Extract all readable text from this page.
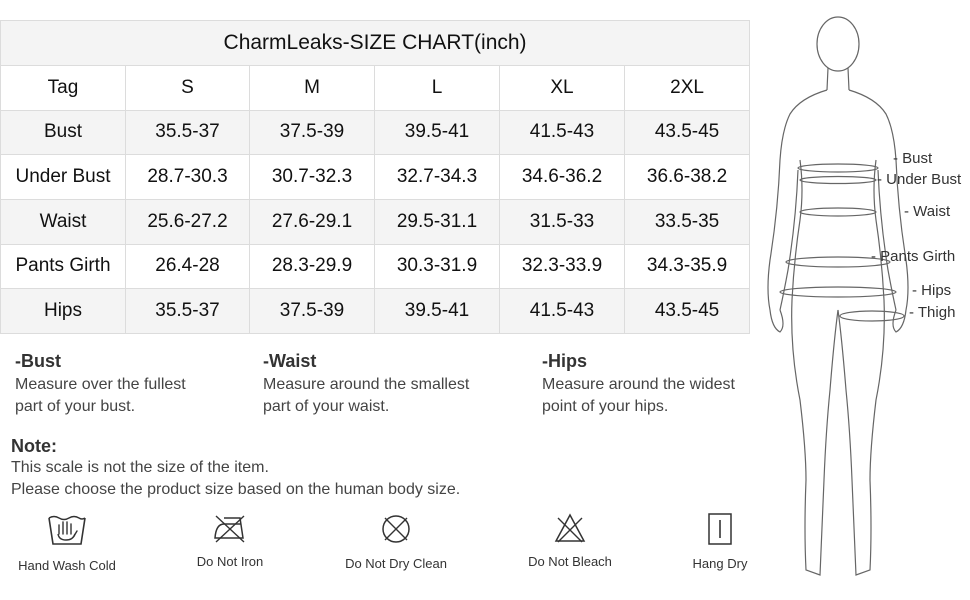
CharmLeaks-SIZE CHART(inch)					
Tag	S	M	L	XL	2XL
Bust	35.5-37	37.5-39	39.5-41	41.5-43	43.5-45
Under Bust	28.7-30.3	30.7-32.3	32.7-34.3	34.6-36.2	36.6-38.2
Waist	25.6-27.2	27.6-29.1	29.5-31.1	31.5-33	33.5-35
Pants Girth	26.4-28	28.3-29.9	30.3-31.9	32.3-33.9	34.3-35.9
Hips	35.5-37	37.5-39	39.5-41	41.5-43	43.5-45
-Bust

Measure over the fullest
part of your bust.

-Waist

Measure around the smallest
part of your waist.

-Hips

Measure around the widest
point of your hips.

Note:

This scale is not the size of the item.

Please choose the product size based on the human body size.

Hand Wash Cold	Do Not Iron	Do Not Dry Clean	Do Not Bleach	Hang Dry
- Bust
- Under Bust
- Waist
- Pants Girth
- Hips
- Thigh
